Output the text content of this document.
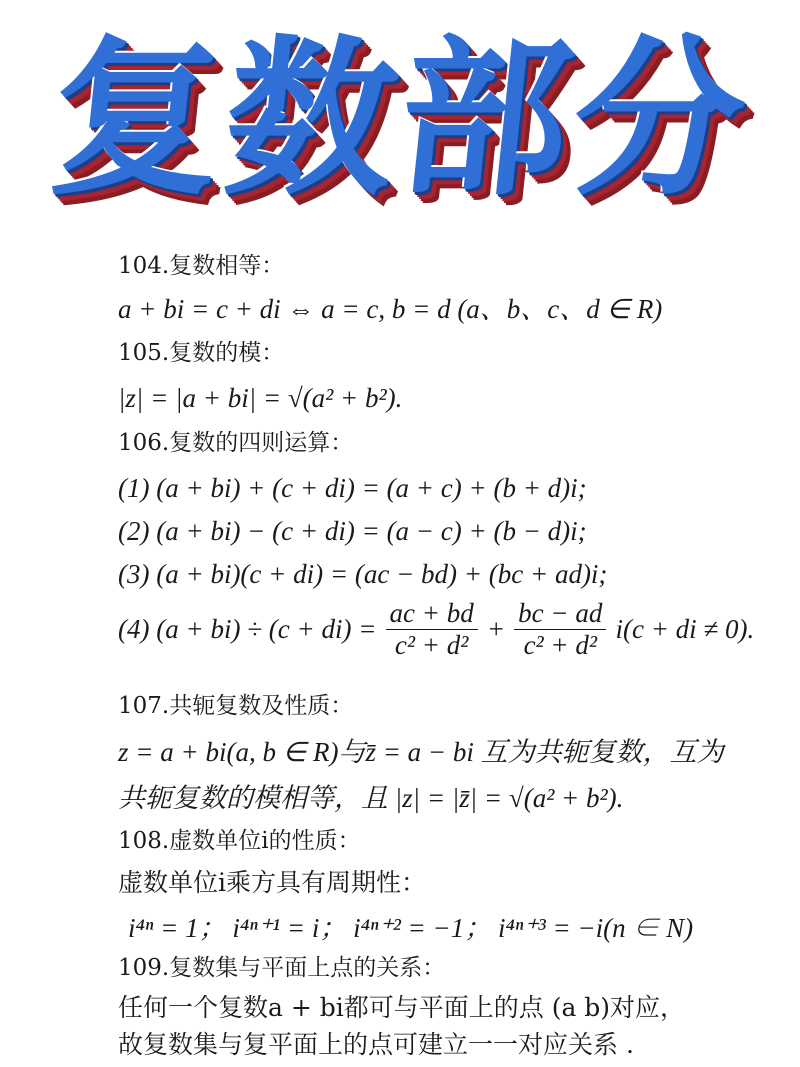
复数部分
104.复数相等：
a + bi = c + di ⇔ a = c, b = d (a、b、c、d ∈ R)
105.复数的模：
|z| = |a + bi| = √(a² + b²).
106.复数的四则运算：
(1) (a + bi) + (c + di) = (a + c) + (b + d)i;
(2) (a + bi) − (c + di) = (a − c) + (b − d)i;
(3) (a + bi)(c + di) = (ac − bd) + (bc + ad)i;
(4) $(a + bi) \div (c + di) = \frac{ac + bd}{\text{c² + d²}} + \frac{bc - ad}{\text{c² + d²}} i(c$ + di ≠ 0).
107.共轭复数及性质：
z = a + bi(a, b ∈ R)与z̄ = a − bi 互为共轭复数，互为
共轭复数的模相等，且 |z| = |z̄| = √(a² + b²).
108.虚数单位i的性质：
虚数单位i乘方具有周期性：
i⁴ⁿ = 1； i⁴ⁿ⁺¹ = i； i⁴ⁿ⁺² = −1； i⁴ⁿ⁺³ = −i(n ∈ N)
109.复数集与平面上点的关系：
任何一个复数a + bi都可与平面上的点 (a b)对应，
故复数集与复平面上的点可建立一一对应关系 .
